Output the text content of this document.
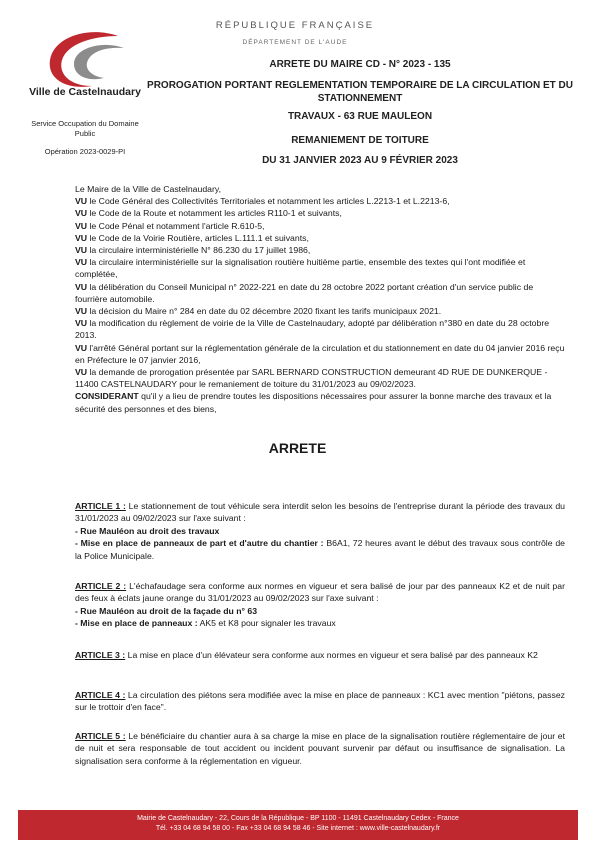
Ville de Castelnaudary
RÉPUBLIQUE FRANÇAISE
DÉPARTEMENT DE L'AUDE
Service Occupation du Domaine Public
Opération 2023-0029-PI
ARRETE DU MAIRE CD - N° 2023 - 135
PROROGATION PORTANT REGLEMENTATION TEMPORAIRE DE LA CIRCULATION ET DU STATIONNEMENT
TRAVAUX - 63 RUE MAULEON
REMANIEMENT DE TOITURE
DU 31 JANVIER 2023 AU 9 FÉVRIER 2023

Le Maire de la Ville de Castelnaudary,

VU le Code Général des Collectivités Territoriales et notamment les articles L.2213-1 et L.2213-6,

VU le Code de la Route et notamment les articles R110-1 et suivants,

VU le Code Pénal et notamment l'article R.610-5,

VU le Code de la Voirie Routière, articles L.111.1 et suivants,

VU la circulaire interministérielle N° 86.230 du 17 juillet 1986,

VU la circulaire interministérielle sur la signalisation routière huitième partie, ensemble des textes qui l'ont modifiée et complétée,

VU la délibération du Conseil Municipal n° 2022-221 en date du 28 octobre 2022 portant création d'un service public de fourrière automobile.

VU la décision du Maire n° 284 en date du 02 décembre 2020 fixant les tarifs municipaux 2021.

VU la modification du règlement de voirie de la Ville de Castelnaudary, adopté par délibération n°380 en date du 28 octobre 2013.

VU l'arrêté Général portant sur la réglementation générale de la circulation et du stationnement en date du 04 janvier 2016 reçu en Préfecture le 07 janvier 2016,

VU la demande de prorogation présentée par SARL BERNARD CONSTRUCTION demeurant 4D RUE DE DUNKERQUE - 11400 CASTELNAUDARY pour le remaniement de toiture du 31/01/2023 au 09/02/2023.

CONSIDERANT qu'il y a lieu de prendre toutes les dispositions nécessaires pour assurer la bonne marche des travaux et la sécurité des personnes et des biens,

ARRETE

ARTICLE 1 : Le stationnement de tout véhicule sera interdit selon les besoins de l'entreprise durant la période des travaux du 31/01/2023 au 09/02/2023 sur l'axe suivant :

- Rue Mauléon au droit des travaux

- Mise en place de panneaux de part et d'autre du chantier : B6A1, 72 heures avant le début des travaux sous contrôle de la Police Municipale.

ARTICLE 2 : L'échafaudage sera conforme aux normes en vigueur et sera balisé de jour par des panneaux K2 et de nuit par des feux à éclats jaune orange du 31/01/2023 au 09/02/2023 sur l'axe suivant :

- Rue Mauléon au droit de la façade du n° 63

- Mise en place de panneaux : AK5 et K8 pour signaler les travaux

ARTICLE 3 : La mise en place d'un élévateur sera conforme aux normes en vigueur et sera balisé par des panneaux K2

ARTICLE 4 : La circulation des piétons sera modifiée avec la mise en place de panneaux : KC1 avec mention "piétons, passez sur le trottoir d'en face".

ARTICLE 5 : Le bénéficiaire du chantier aura à sa charge la mise en place de la signalisation routière réglementaire de jour et de nuit et sera responsable de tout accident ou incident pouvant survenir par défaut ou insuffisance de signalisation. La signalisation sera conforme à la réglementation en vigueur.

Mairie de Castelnaudary - 22, Cours de la République - BP 1100 - 11491 Castelnaudary Cedex - France
Tél. +33 04 68 94 58 00 - Fax +33 04 68 94 58 46 - Site internet : www.ville-castelnaudary.fr
